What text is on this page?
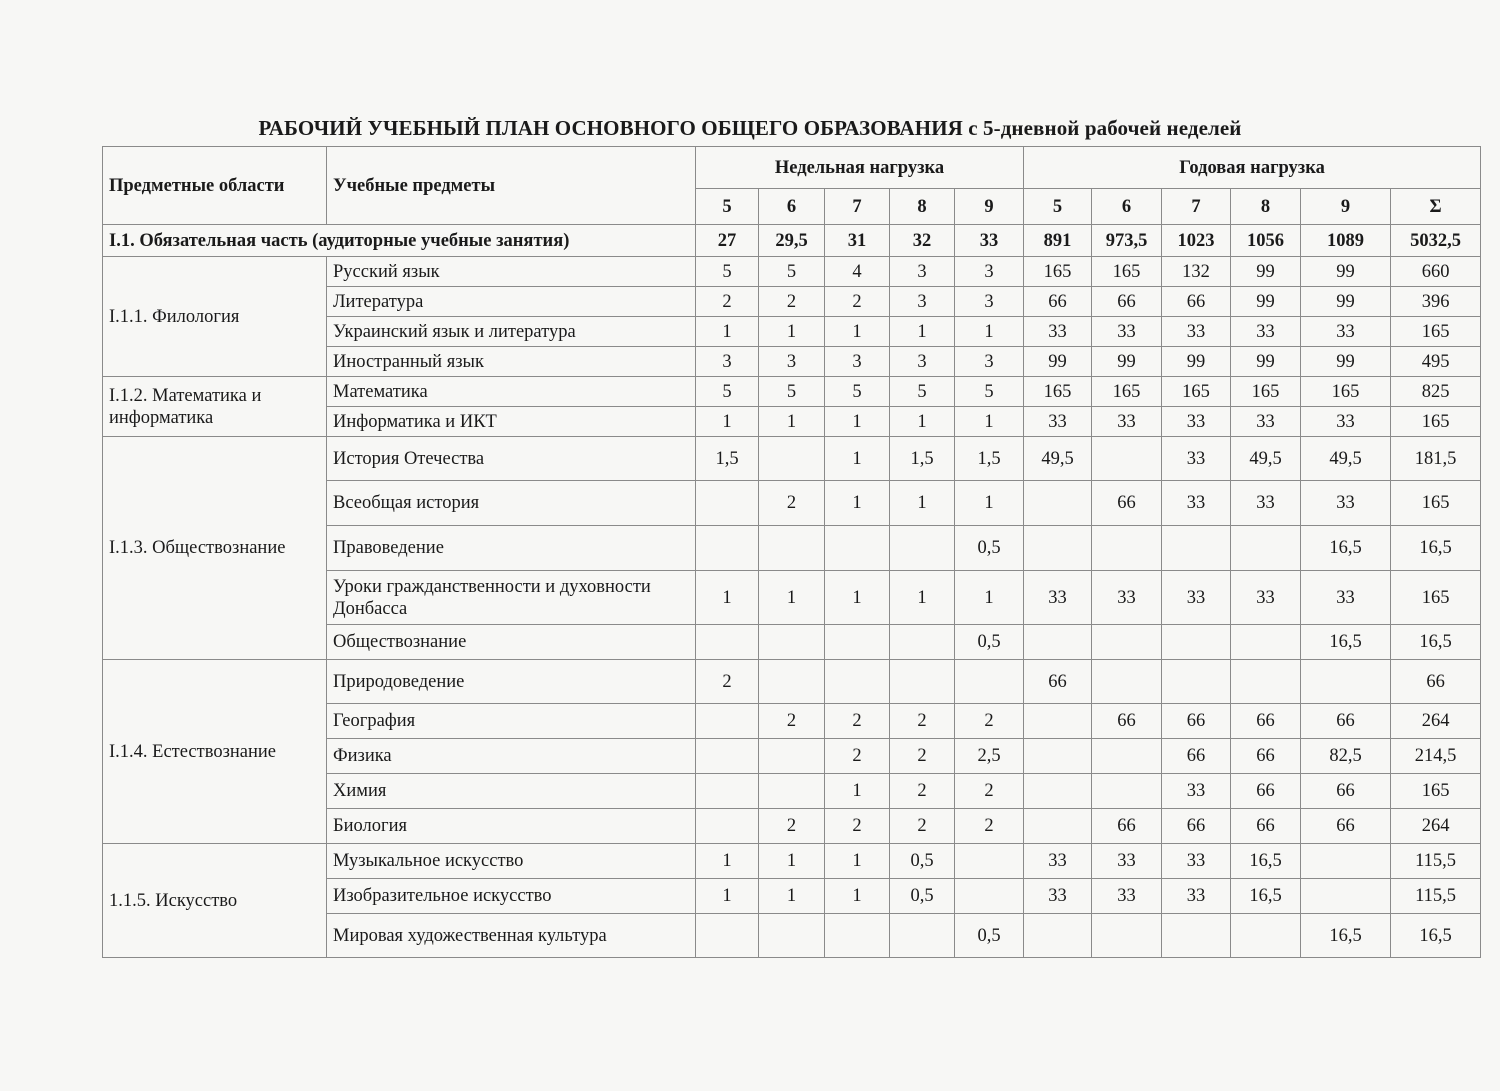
РАБОЧИЙ УЧЕБНЫЙ ПЛАН ОСНОВНОГО ОБЩЕГО ОБРАЗОВАНИЯ с 5-дневной рабочей неделей
Предметные области	Учебные предметы	Недельная нагрузка					Годовая нагрузка					
		5	6	7	8	9	5	6	7	8	9	Σ
I.1. Обязательная часть (аудиторные учебные занятия)		27	29,5	31	32	33	891	973,5	1023	1056	1089	5032,5
I.1.1. Филология	Русский язык	5	5	4	3	3	165	165	132	99	99	660
	Литература	2	2	2	3	3	66	66	66	99	99	396
	Украинский язык и литература	1	1	1	1	1	33	33	33	33	33	165
	Иностранный язык	3	3	3	3	3	99	99	99	99	99	495
I.1.2. Математика и информатика	Математика	5	5	5	5	5	165	165	165	165	165	825
	Информатика и ИКТ	1	1	1	1	1	33	33	33	33	33	165
I.1.3. Обществознание	История Отечества	1,5		1	1,5	1,5	49,5		33	49,5	49,5	181,5
	Всеобщая история		2	1	1	1		66	33	33	33	165
	Правоведение					0,5					16,5	16,5
	Уроки гражданственности и духовности Донбасса	1	1	1	1	1	33	33	33	33	33	165
	Обществознание					0,5					16,5	16,5
I.1.4. Естествознание	Природоведение	2					66					66
	География		2	2	2	2		66	66	66	66	264
	Физика			2	2	2,5			66	66	82,5	214,5
	Химия			1	2	2			33	66	66	165
	Биология		2	2	2	2		66	66	66	66	264
1.1.5. Искусство	Музыкальное искусство	1	1	1	0,5		33	33	33	16,5		115,5
	Изобразительное искусство	1	1	1	0,5		33	33	33	16,5		115,5
	Мировая художественная культура					0,5					16,5	16,5
